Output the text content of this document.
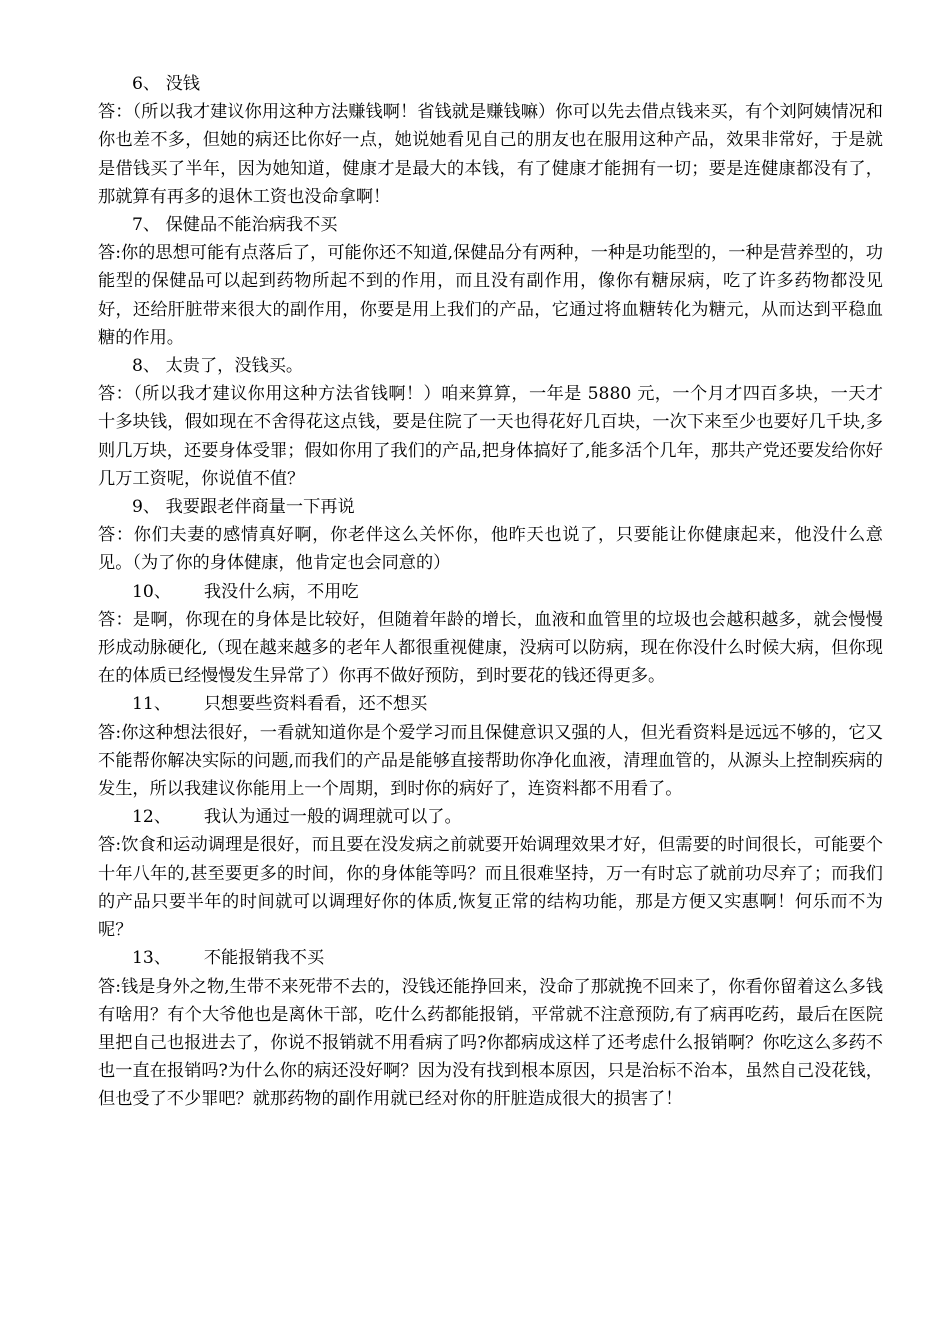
6、 没钱

答：（所以我才建议你用这种方法赚钱啊！省钱就是赚钱嘛）你可以先去借点钱来买，有个刘阿姨情况和你也差不多，但她的病还比你好一点，她说她看见自己的朋友也在服用这种产品，效果非常好，于是就是借钱买了半年，因为她知道，健康才是最大的本钱，有了健康才能拥有一切；要是连健康都没有了，那就算有再多的退休工资也没命拿啊！

7、 保健品不能治病我不买

答:你的思想可能有点落后了，可能你还不知道,保健品分有两种，一种是功能型的，一种是营养型的，功能型的保健品可以起到药物所起不到的作用，而且没有副作用，像你有糖尿病，吃了许多药物都没见好，还给肝脏带来很大的副作用，你要是用上我们的产品，它通过将血糖转化为糖元，从而达到平稳血糖的作用。

8、 太贵了，没钱买。

答：（所以我才建议你用这种方法省钱啊！）咱来算算，一年是 5880 元，一个月才四百多块，一天才十多块钱，假如现在不舍得花这点钱，要是住院了一天也得花好几百块，一次下来至少也要好几千块,多则几万块，还要身体受罪；假如你用了我们的产品,把身体搞好了,能多活个几年，那共产党还要发给你好几万工资呢，你说值不值？

9、 我要跟老伴商量一下再说

答：你们夫妻的感情真好啊，你老伴这么关怀你，他昨天也说了，只要能让你健康起来，他没什么意见。（为了你的身体健康，他肯定也会同意的）

10、 我没什么病，不用吃

答：是啊，你现在的身体是比较好，但随着年龄的增长，血液和血管里的垃圾也会越积越多，就会慢慢形成动脉硬化,（现在越来越多的老年人都很重视健康，没病可以防病，现在你没什么时候大病，但你现在的体质已经慢慢发生异常了）你再不做好预防，到时要花的钱还得更多。

11、 只想要些资料看看，还不想买

答:你这种想法很好，一看就知道你是个爱学习而且保健意识又强的人，但光看资料是远远不够的，它又不能帮你解决实际的问题,而我们的产品是能够直接帮助你净化血液，清理血管的，从源头上控制疾病的发生，所以我建议你能用上一个周期，到时你的病好了，连资料都不用看了。

12、 我认为通过一般的调理就可以了。

答:饮食和运动调理是很好，而且要在没发病之前就要开始调理效果才好，但需要的时间很长，可能要个十年八年的,甚至要更多的时间，你的身体能等吗？而且很难坚持，万一有时忘了就前功尽弃了；而我们的产品只要半年的时间就可以调理好你的体质,恢复正常的结构功能，那是方便又实惠啊！何乐而不为呢？

13、 不能报销我不买

答:钱是身外之物,生带不来死带不去的，没钱还能挣回来，没命了那就挽不回来了，你看你留着这么多钱有啥用？有个大爷他也是离休干部，吃什么药都能报销，平常就不注意预防,有了病再吃药，最后在医院里把自己也报进去了，你说不报销就不用看病了吗?你都病成这样了还考虑什么报销啊？你吃这么多药不也一直在报销吗?为什么你的病还没好啊？因为没有找到根本原因，只是治标不治本，虽然自己没花钱，但也受了不少罪吧？就那药物的副作用就已经对你的肝脏造成很大的损害了！
